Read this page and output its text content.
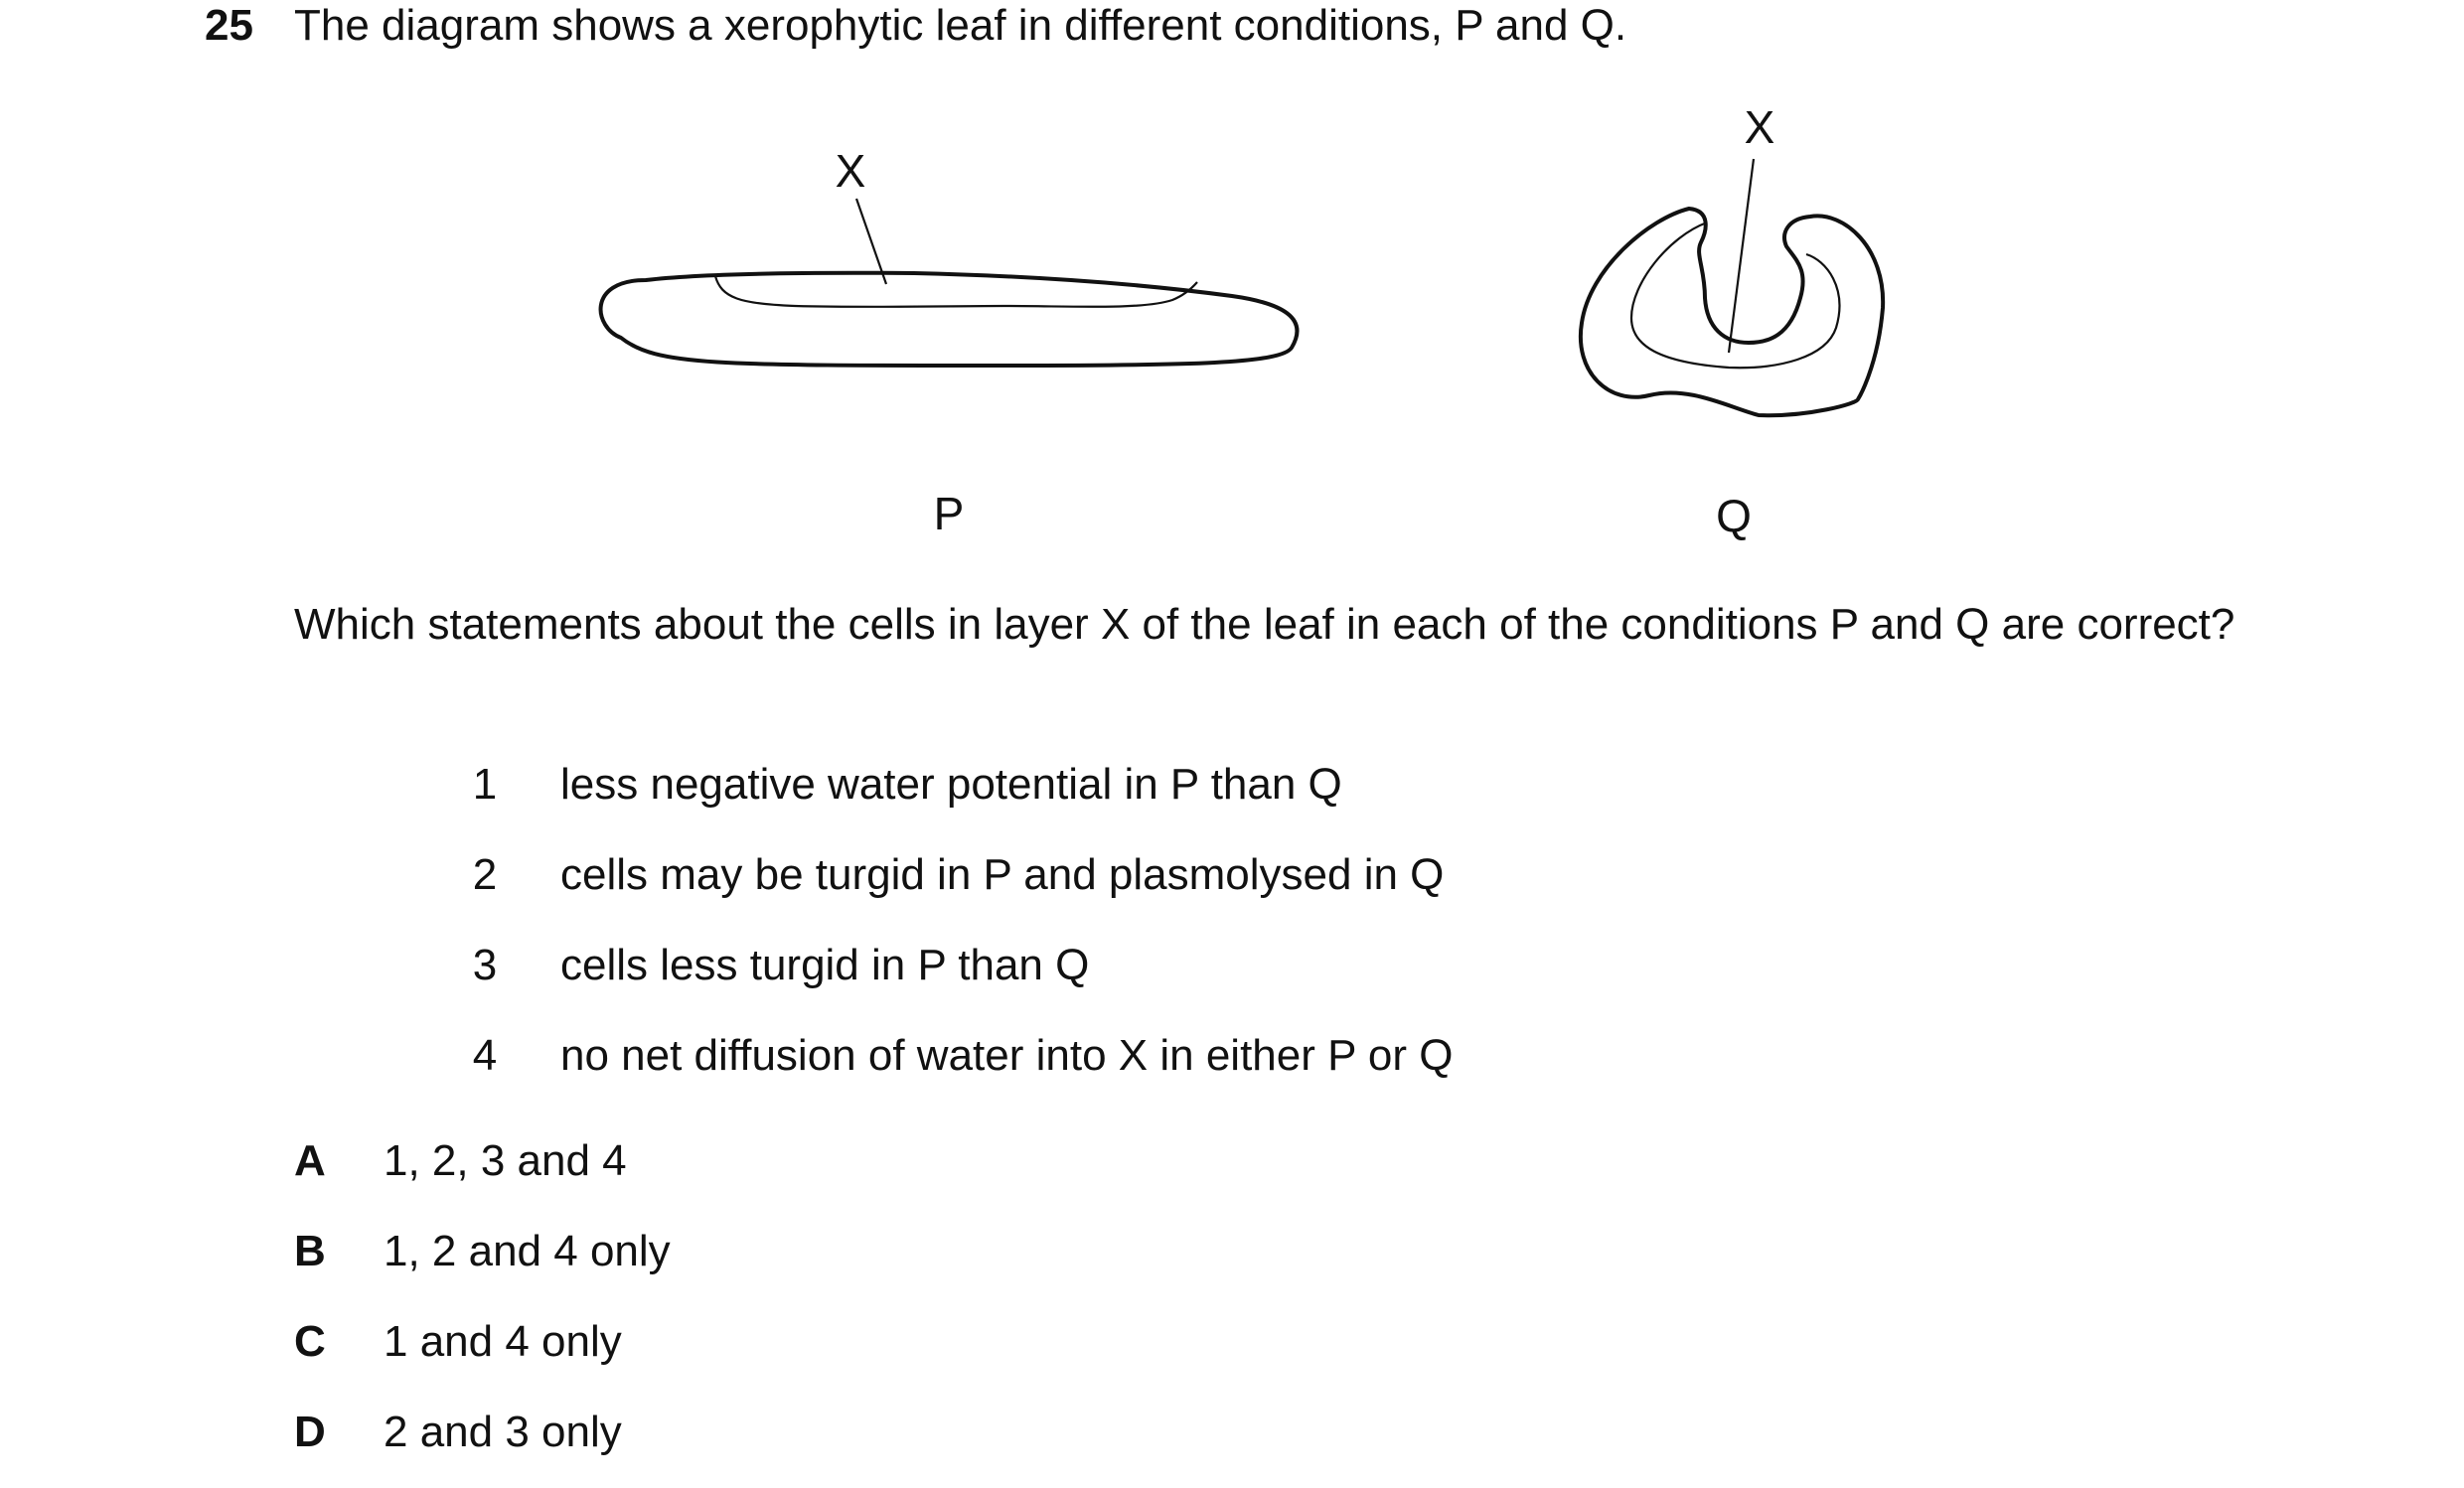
25 The diagram shows a xerophytic leaf in different conditions, P and Q.
X
P
X
Q
Which statements about the cells in layer X of the leaf in each of the conditions P and Q are correct?
1 less negative water potential in P than Q
2 cells may be turgid in P and plasmolysed in Q
3 cells less turgid in P than Q
4 no net diffusion of water into X in either P or Q
A 1, 2, 3 and 4
B 1, 2 and 4 only
C 1 and 4 only
D 2 and 3 only
